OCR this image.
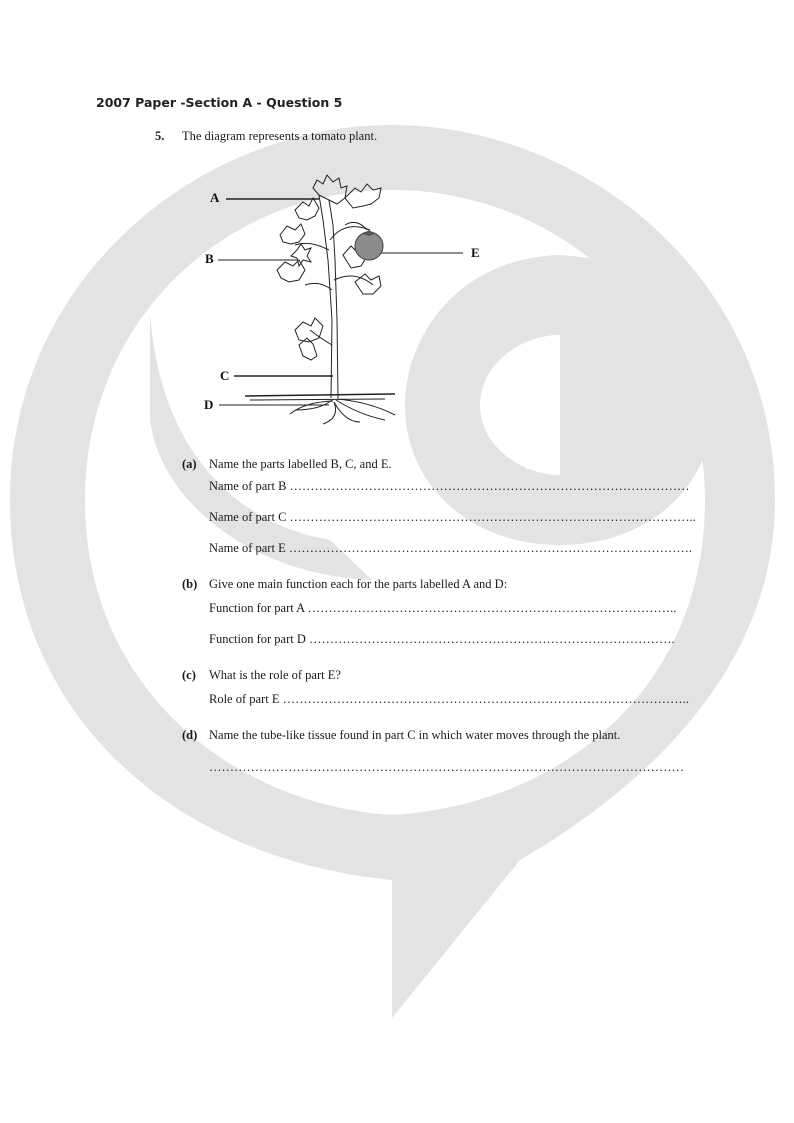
2007 Paper -Section A - Question 5
5. The diagram represents a tomato plant.
A
B
C
D
E
(a) Name the parts labelled B, C, and E.
Name of part B ……………………………………………………………………………………
Name of part C ……………………………………………………………………………………..
Name of part E …………………………………………………………………………………….
(b) Give one main function each for the parts labelled A and D:
Function for part A ……………………………………………………………………………..
Function for part D …………………………………………………………………………….
(c) What is the role of part E?
Role of part E ……………………………………………………………………………………..
(d) Name the tube-like tissue found in part C in which water moves through the plant.
……………………………………………………………………………………………………
